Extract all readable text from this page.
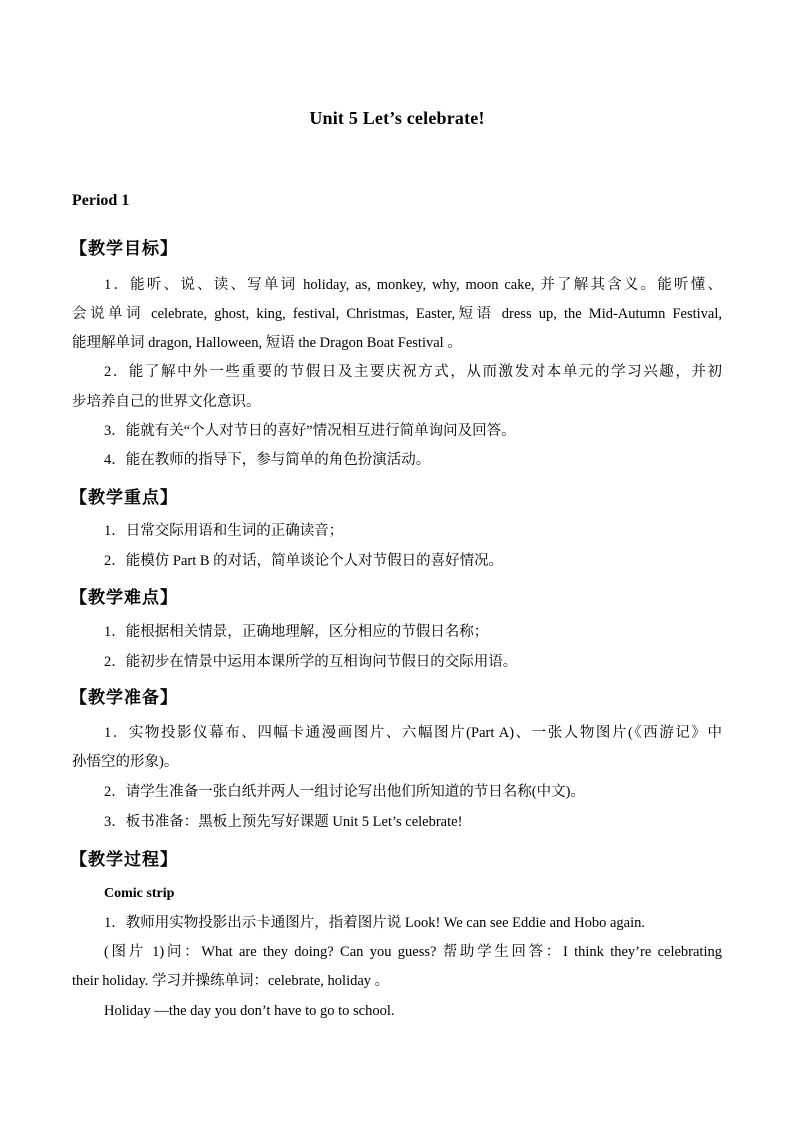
Unit 5 Let’s celebrate!
Period 1
【教学目标】
1．能听、说、读、写单词 holiday, as, monkey, why, moon cake, 并了解其含义。能听懂、
会说单词 celebrate, ghost, king, festival, Christmas, Easter,短语 dress up, the Mid-Autumn Festival,
能理解单词 dragon, Halloween, 短语 the Dragon Boat Festival 。
2．能了解中外一些重要的节假日及主要庆祝方式，从而激发对本单元的学习兴趣，并初
步培养自己的世界文化意识。
3．能就有关“个人对节日的喜好”情况相互进行简单询问及回答。
4．能在教师的指导下，参与简单的角色扮演活动。
【教学重点】
1．日常交际用语和生词的正确读音；
2．能模仿 Part B 的对话，简单谈论个人对节假日的喜好情况。
【教学难点】
1．能根据相关情景，正确地理解，区分相应的节假日名称；
2．能初步在情景中运用本课所学的互相询问节假日的交际用语。
【教学准备】
1．实物投影仪幕布、四幅卡通漫画图片、六幅图片(Part A)、一张人物图片(《西游记》中
孙悟空的形象)。
2．请学生准备一张白纸并两人一组讨论写出他们所知道的节日名称(中文)。
3．板书准备：黑板上预先写好课题 Unit 5 Let’s celebrate!
【教学过程】
Comic strip
1．教师用实物投影出示卡通图片，指着图片说 Look! We can see Eddie and Hobo again.
(图片 1)问：What are they doing? Can you guess? 帮助学生回答：I think they’re celebrating
their holiday. 学习并操练单词：celebrate, holiday 。
Holiday —the day you don’t have to go to school.
